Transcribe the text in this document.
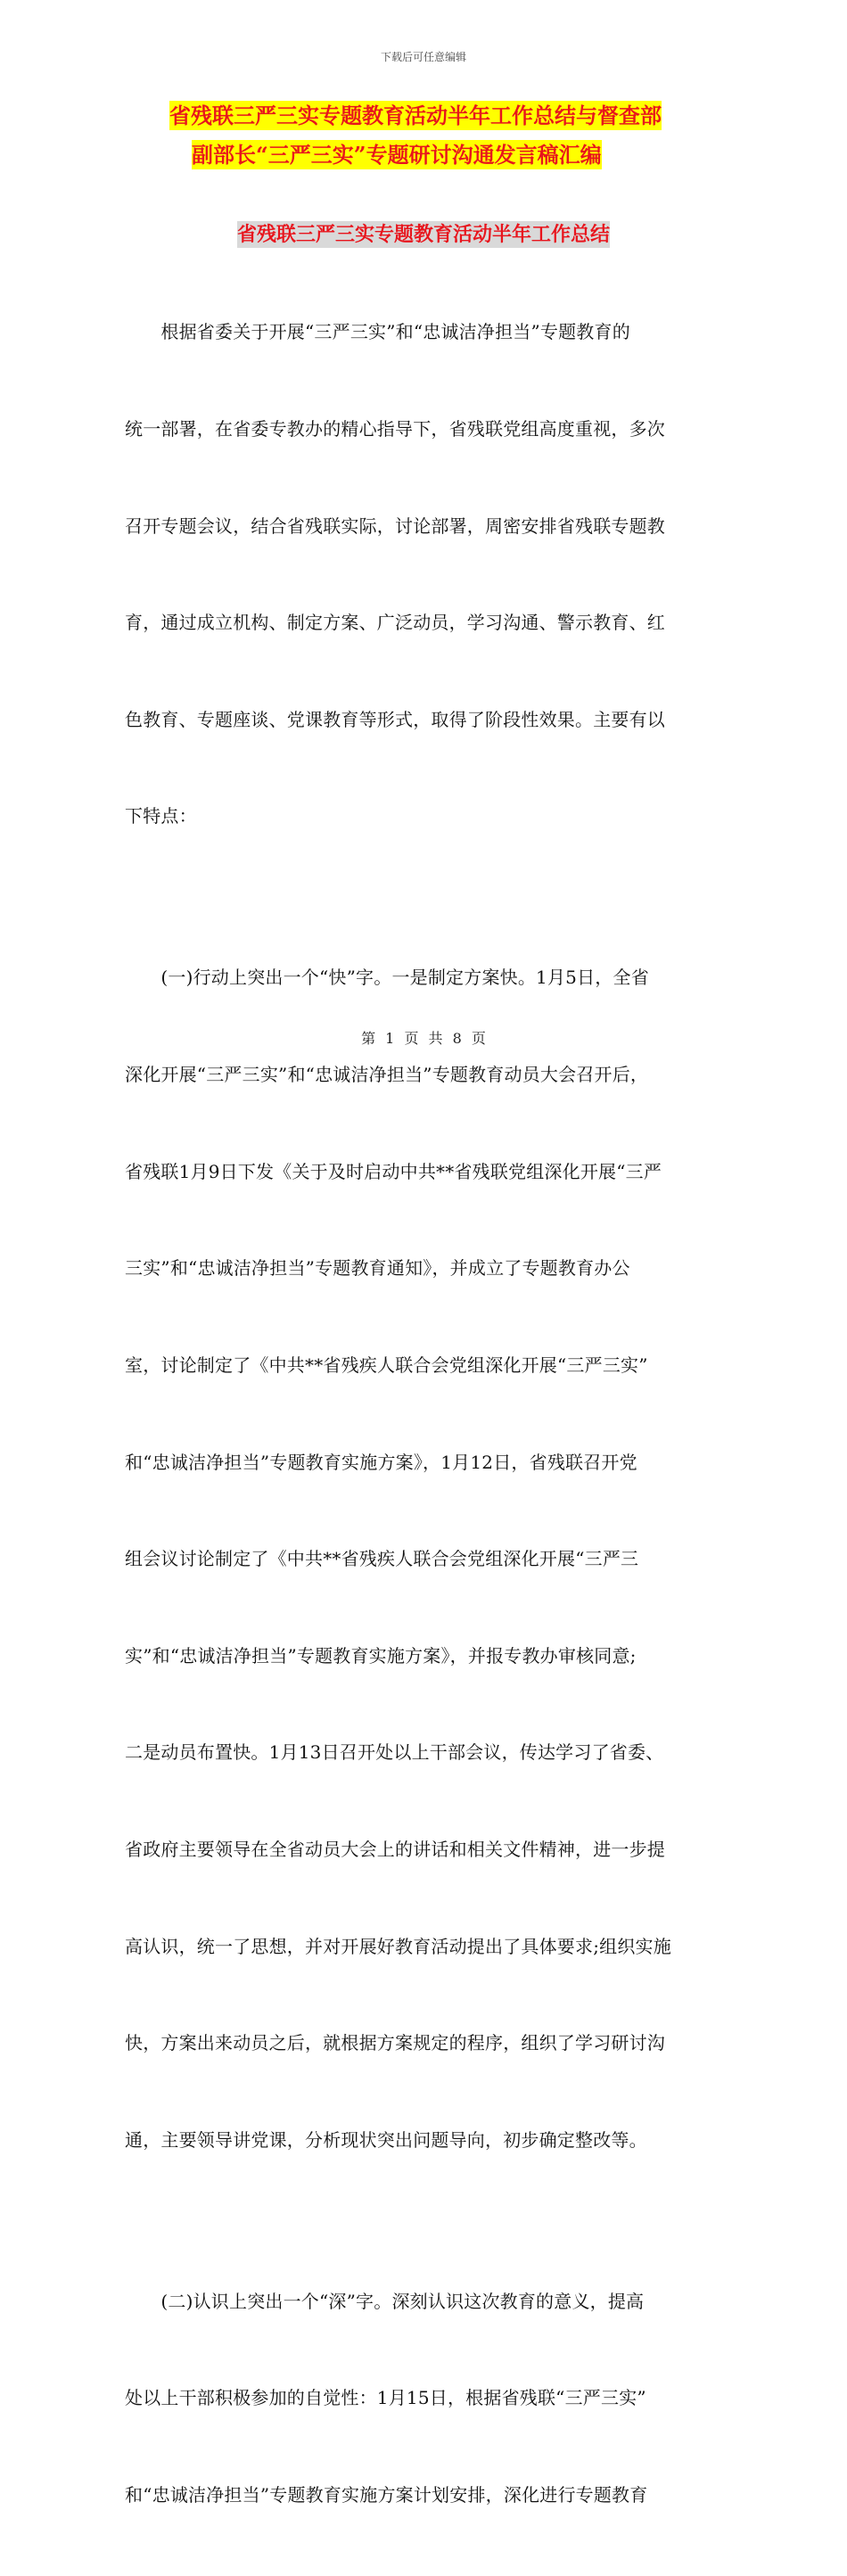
下载后可任意编辑
省残联三严三实专题教育活动半年工作总结与督查部
副部长“三严三实”专题研讨沟通发言稿汇编
省残联三严三实专题教育活动半年工作总结

　　根据省委关于开展“三严三实”和“忠诚洁净担当”专题教育的

统一部署，在省委专教办的精心指导下，省残联党组高度重视，多次

召开专题会议，结合省残联实际，讨论部署，周密安排省残联专题教

育，通过成立机构、制定方案、广泛动员，学习沟通、警示教育、红

色教育、专题座谈、党课教育等形式，取得了阶段性效果。主要有以

下特点：

　　(一)行动上突出一个“快”字。一是制定方案快。1月5日，全省

深化开展“三严三实”和“忠诚洁净担当”专题教育动员大会召开后，

省残联1月9日下发《关于及时启动中共**省残联党组深化开展“三严

三实”和“忠诚洁净担当”专题教育通知》，并成立了专题教育办公

室，讨论制定了《中共**省残疾人联合会党组深化开展“三严三实”

和“忠诚洁净担当”专题教育实施方案》，1月12日，省残联召开党

组会议讨论制定了《中共**省残疾人联合会党组深化开展“三严三

实”和“忠诚洁净担当”专题教育实施方案》，并报专教办审核同意;

二是动员布置快。1月13日召开处以上干部会议，传达学习了省委、

省政府主要领导在全省动员大会上的讲话和相关文件精神，进一步提

高认识，统一了思想，并对开展好教育活动提出了具体要求;组织实施

快，方案出来动员之后，就根据方案规定的程序，组织了学习研讨沟

通，主要领导讲党课，分析现状突出问题导向，初步确定整改等。

　　(二)认识上突出一个“深”字。深刻认识这次教育的意义，提高

处以上干部积极参加的自觉性：1月15日，根据省残联“三严三实”

和“忠诚洁净担当”专题教育实施方案计划安排，深化进行专题教育

第 1 页 共 8 页
